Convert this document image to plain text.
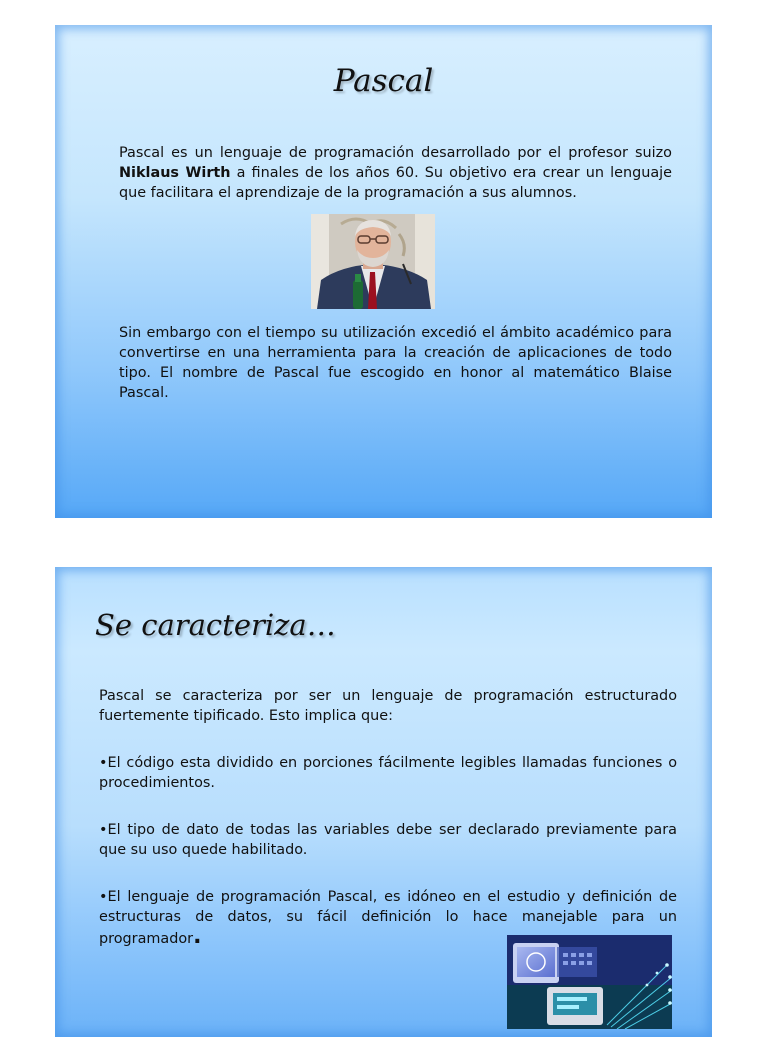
Pascal

Pascal es un lenguaje de programación desarrollado por el profesor suizo Niklaus Wirth a finales de los años 60. Su objetivo era crear un lenguaje que facilitara el aprendizaje de la programación a sus alumnos.

Sin embargo con el tiempo su utilización excedió el ámbito académico para convertirse en una herramienta para la creación de aplicaciones de todo tipo. El nombre de Pascal fue escogido en honor al matemático Blaise Pascal.

Se caracteriza…

Pascal se caracteriza por ser un lenguaje de programación estructurado fuertemente tipificado. Esto implica que:

•El código esta dividido en porciones fácilmente legibles llamadas funciones o procedimientos.

•El tipo de dato de todas las variables debe ser declarado previamente para que su uso quede habilitado.

•El lenguaje de programación Pascal, es idóneo en el estudio y definición de estructuras de datos, su fácil definición lo hace manejable para un programador.
